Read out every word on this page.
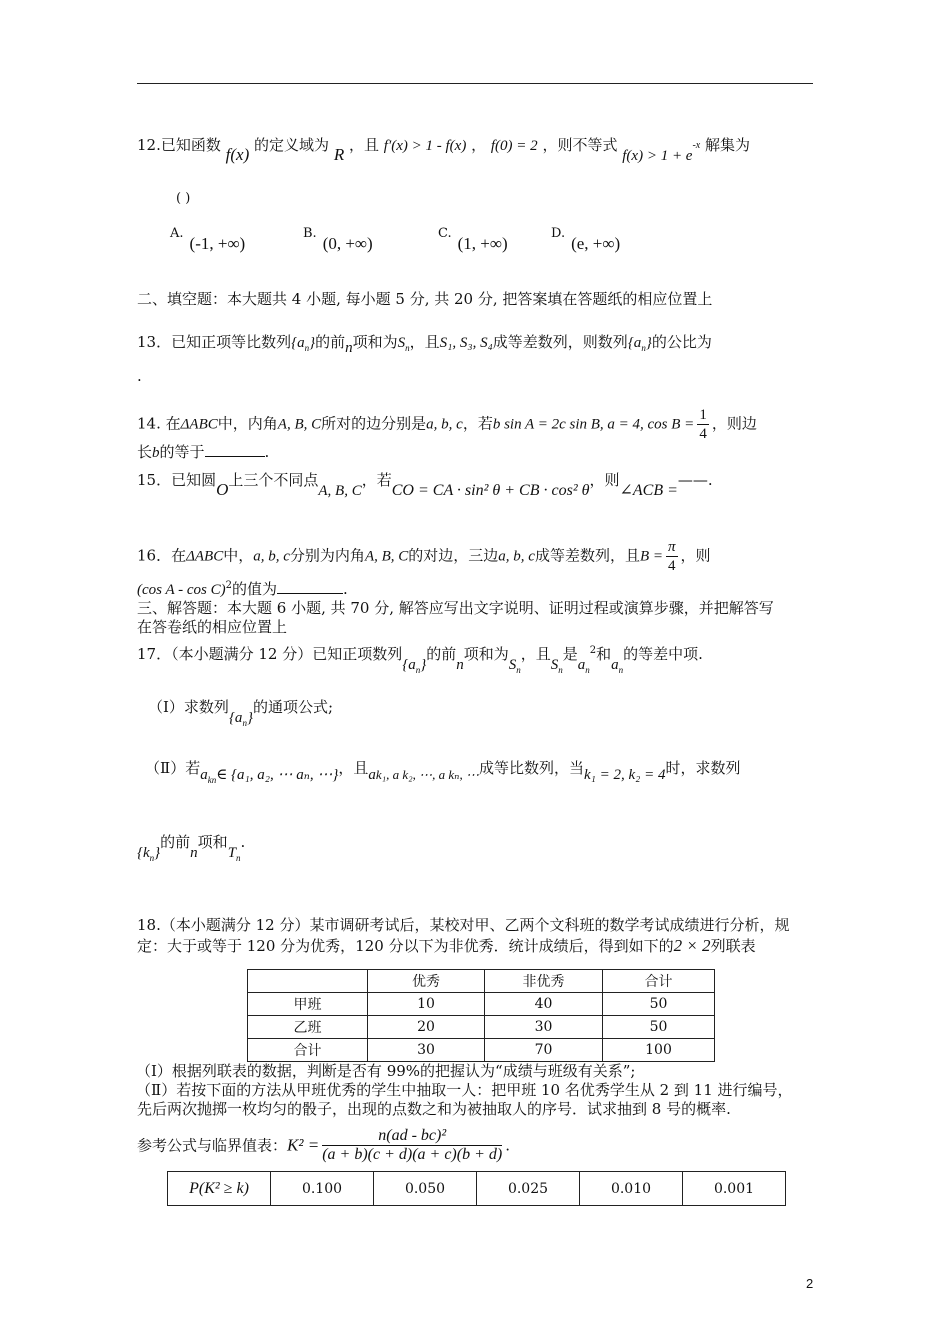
12.已知函数 f(x) 的定义域为 R ，且 f′(x) > 1 - f(x) ， f(0) = 2 ，则不等式 $f(x) > 1 + e^{-x}$ 解集为
( )
A.(-1, +∞)
B.(0, +∞)
C.(1, +∞)
D.(e, +∞)
二、填空题：本大题共 4 小题, 每小题 5 分, 共 20 分, 把答案填在答题纸的相应位置上
13．已知正项等比数列$\{a_n\}$的前n项和为$S_n$，且S₁, S₃, S₄成等差数列，则数列$\{a_n\}$的公比为
.
14. 在ΔABC中，内角A, B, C所对的边分别是a, b, c，若b sin A = 2c sin B, a = 4, $\cos B = \frac{1}{4}$ ，则边
长b的等于	.
15．已知圆O上三个不同点A, B, C，若CO = CA · sin² θ + CB · cos² θ，则∠ACB =——.
16．在ΔABC中，a, b, c分别为内角A, B, C的对边，三边a, b, c成等差数列，且$B = \frac{\pi}{4}$ ，则
(cos A - cos C)$^2$的值为	.
三、解答题：本大题 6 小题, 共 70 分, 解答应写出文字说明、证明过程或演算步骤，并把解答写
在答卷纸的相应位置上
17．（本小题满分 12 分）已知正项数列$\{a_n\}$的前n项和为$S_n$，且$S_n$是$a_n^2$和$a_n$的等差中项.
（Ⅰ）求数列$\{a_n\}$的通项公式;
（Ⅱ）若$a_{kn}\in$ {a₁, a₂, ⋯ aₙ, ⋯}，且ak₁, a k₂, ⋯, a kₙ, ⋯成等比数列，当k₁ = 2, k₂ = 4时，求数列
$\{k_n\}$的前n项和$T_n$.
18.（本小题满分 12 分）某市调研考试后，某校对甲、乙两个文科班的数学考试成绩进行分析，规
定：大于或等于 120 分为优秀，120 分以下为非优秀．统计成绩后，得到如下的2 × 2列联表
	优秀	非优秀	合计
甲班	10	40	50
乙班	20	30	50
合计	30	70	100
（Ⅰ）根据列联表的数据，判断是否有 99%的把握认为“成绩与班级有关系”;
（Ⅱ）若按下面的方法从甲班优秀的学生中抽取一人：把甲班 10 名优秀学生从 2 到 11 进行编号，
先后两次抛掷一枚均匀的骰子，出现的点数之和为被抽取人的序号．试求抽到 8 号的概率.
参考公式与临界值表：$K^2 = \frac{\text{n(ad - bc)²}}{(a + b)(c + d)(a + c)(b + d)}$ .
P(K² ≥ k)	0.100	0.050	0.025	0.010	0.001
2
